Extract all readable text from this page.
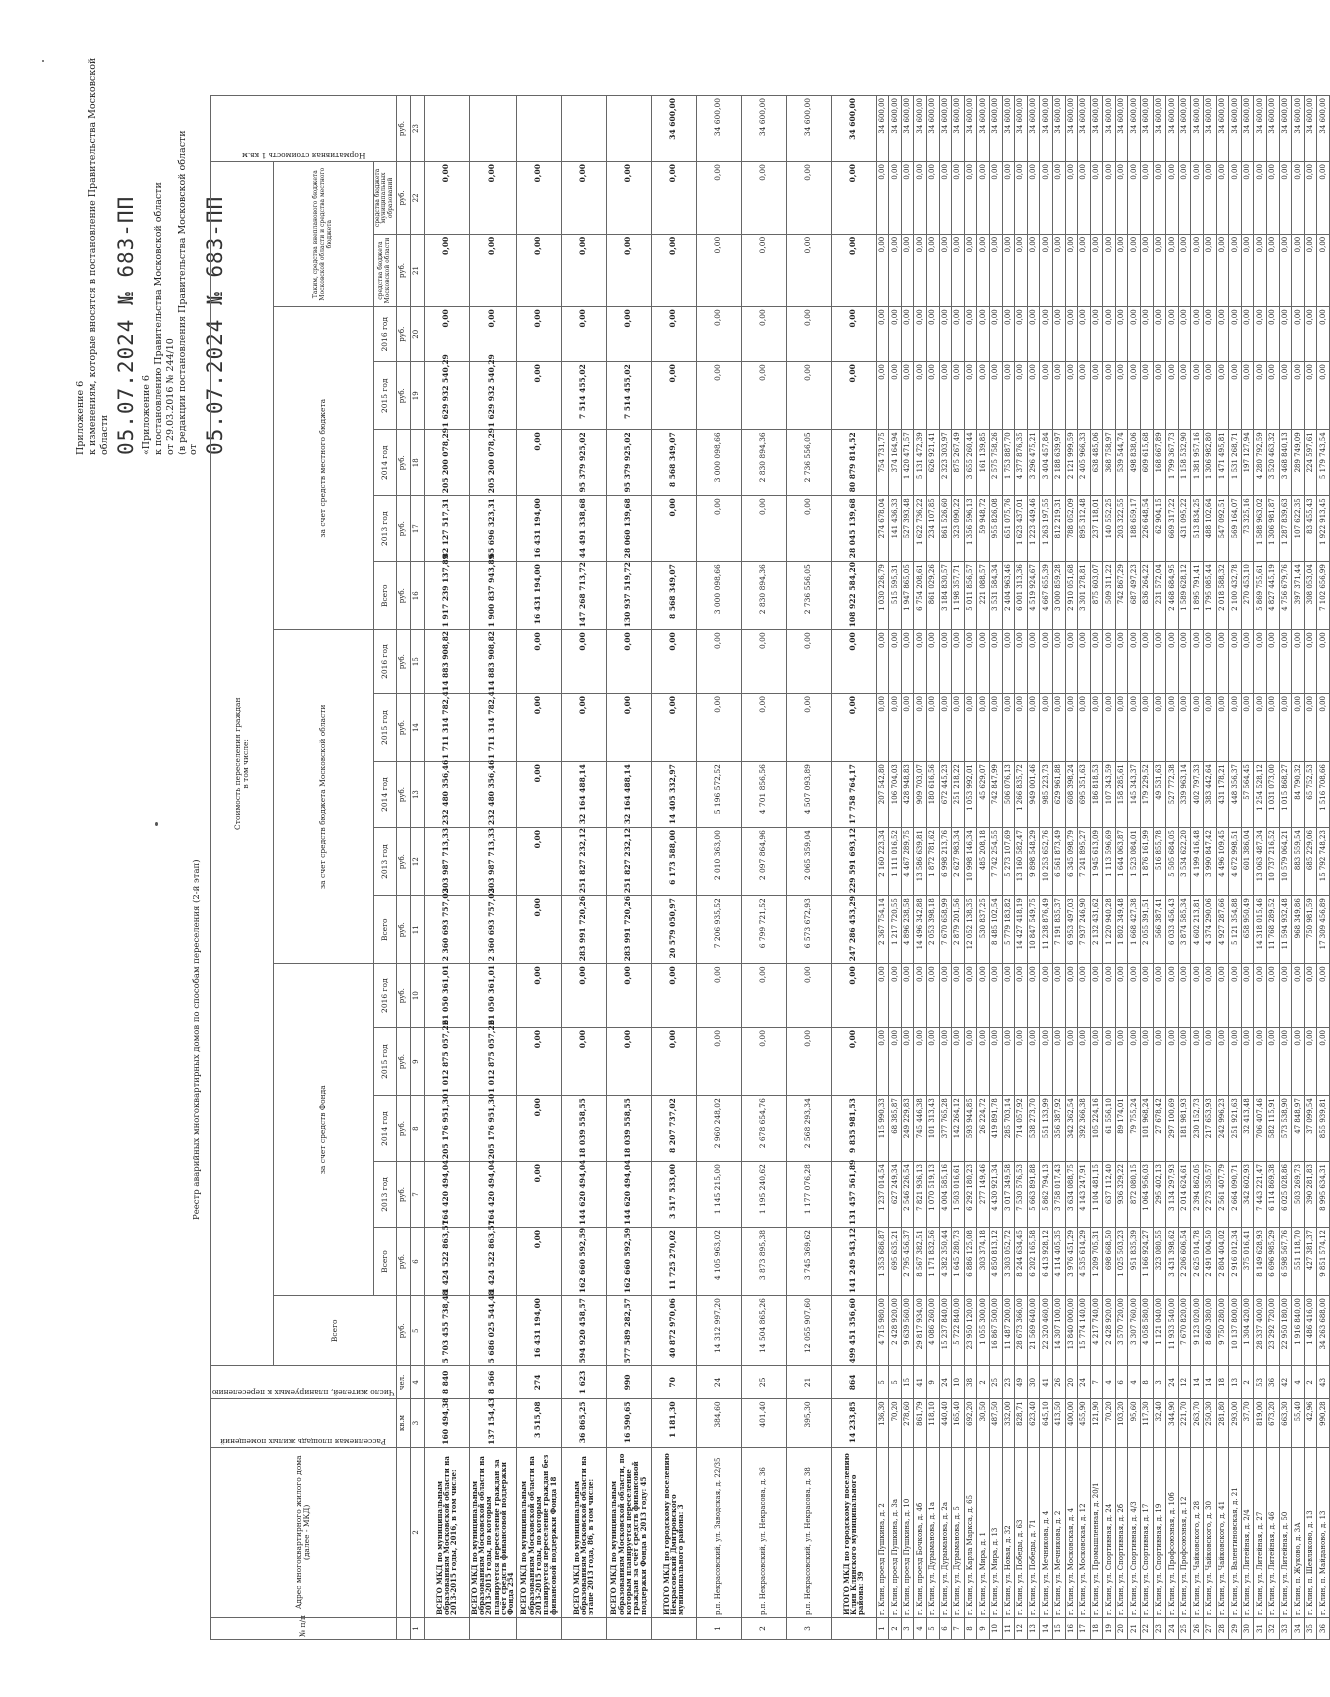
Приложение 6 к изменениям, которые вносятся в постановление Правительства Московской области 05.07.2024 № 683-ПП «Приложение 6 к постановлению Правительства Московской области от 29.03.2016 № 244/10 (в редакции постановления Правительства Московской области от 05.07.2024 № 683-ПП
Реестр аварийных многоквартирных домов по способам переселения (2-й этап)
№ п/п	Адрес многоквартирного жилого дома (далее - МКД)	Расселяемая площадь жилых помещений	Число жителей, планируемых к переселению	Стоимость переселения граждан
в том числе:																		Нормативная стоимость 1 кв.м

				Всего	за счет средств Фонда					за счет средств бюджета Московской области					за счет средств местного бюджета					Таким, средства внепланового бюджета Московской области и средства местного бюджета		
					Всего	2013 год	2014 год	2015 год	2016 год	Всего	2013 год	2014 год	2015 год	2016 год	Всего	2013 год	2014 год	2015 год	2016 год	средства бюджета Московской области	средства бюджета муниципальных образований	
		кв.м	чел.	руб.	руб.	руб.	руб.	руб.	руб.	руб.	руб.	руб.	руб.	руб.	руб.	руб.	руб.	руб.	руб.	руб.	руб.	руб.
1	2	3	4	5	6	7	8	9	10	11	12	13	14	15	16	17	18	19	20	21	22	23
	ВСЕГО МКД по муниципальным образованиям Московской области на 2013-2015 годы, 2016, в том числе:	160 494,38	8 840	5 703 455 738,48	1 424 522 863,57	164 420 494,04	205 176 951,30	1 012 875 057,22	61 050 361,01	2 360 693 757,02	303 987 713,33	232 480 356,46	1 711 314 782,41	14 883 908,82	1 917 239 137,89	82 127 517,31	205 200 078,29	1 629 932 540,29	0,00	0,00	0,00	
	ВСЕГО МКД по муниципальным образованиям Московской области на 2013-2015 годы, по которым планируется переселение граждан за счёт средств финансовой поддержки Фонда 254	137 154,43	8 566	5 686 025 544,48	1 424 522 863,57	164 420 494,04	205 176 951,30	1 012 875 057,22	61 050 361,01	2 360 693 757,02	303 987 713,33	232 480 356,46	1 711 314 782,41	14 883 908,82	1 900 837 943,89	65 696 323,31	205 200 078,29	1 629 932 540,29	0,00	0,00	0,00	
	ВСЕГО МКД по муниципальным образованиям Московской области на 2013-2015 годы, по которым планируется переселение граждан без финансовой поддержки Фонда 18	3 515,08	274	16 431 194,00	0,00	0,00	0,00	0,00	0,00	0,00	0,00	0,00	0,00	0,00	16 431 194,00	16 431 194,00	0,00	0,00	0,00	0,00	0,00	
	ВСЕГО МКД по муниципальным образованиям Московской области на этапе 2013 года, 86, в том числе:	36 865,25	1 623	594 920 458,57	162 660 592,59	144 620 494,04	18 039 558,55	0,00	0,00	283 991 720,26	251 827 232,12	32 164 488,14	0,00	0,00	147 268 713,72	44 491 338,68	95 379 925,02	7 514 455,02	0,00	0,00	0,00	
	ВСЕГО МКД по муниципальным образованиям Московской области, по которым планируется переселение граждан за счёт средств финансовой поддержки Фонда в 2013 году: 45	16 590,65	990	577 589 282,57	162 660 592,59	144 620 494,04	18 039 558,55	0,00	0,00	283 991 720,26	251 827 232,12	32 164 488,14	0,00	0,00	130 937 519,72	28 060 139,68	95 379 925,02	7 514 455,02	0,00	0,00	0,00	
	ИТОГО МКД по городскому поселению Некрасовский Дмитровского муниципального района: 3	1 181,30	70	40 872 970,06	11 725 270,02	3 517 533,00	8 207 737,02	0,00	0,00	20 579 050,97	6 173 588,00	14 405 332,97	0,00	0,00	8 568 349,07	0,00	8 568 349,07	0,00	0,00	0,00	0,00	34 600,00
1	р.п. Некрасовский, ул. Заводская, д. 22/35	384,60	24	14 312 997,20	4 105 963,02	1 145 215,00	2 960 248,02	0,00	0,00	7 206 935,52	2 010 363,00	5 196 572,52	0,00	0,00	3 000 098,66	0,00	3 000 098,66	0,00	0,00	0,00	0,00	34 600,00
2	р.п. Некрасовский, ул. Некрасова, д. 36	401,40	25	14 504 865,26	3 873 895,38	1 195 240,62	2 678 654,76	0,00	0,00	6 799 721,52	2 097 864,96	4 701 856,56	0,00	0,00	2 830 894,36	0,00	2 830 894,36	0,00	0,00	0,00	0,00	34 600,00
3	р.п. Некрасовский, ул. Некрасова, д. 38	395,30	21	12 055 907,60	3 745 369,62	1 177 076,28	2 568 293,34	0,00	0,00	6 573 672,93	2 065 359,04	4 507 093,89	0,00	0,00	2 736 556,05	0,00	2 736 556,05	0,00	0,00	0,00	0,00	34 600,00
	ИТОГО МКД по городскому поселению Клин Клинского муниципального района: 39	14 233,85	864	499 451 356,60	141 249 543,12	131 457 561,89	9 835 981,53	0,00	0,00	247 286 453,29	229 591 693,12	17 758 764,17	0,00	0,00	108 922 584,20	28 045 139,68	80 879 814,52	0,00	0,00	0,00	0,00	34 600,00
1	г. Клин, проезд Пушкина, д. 2	136,30	5	4 715 980,00	1 353 686,87	1 237 014,54	115 990,33	0,00	0,00	2 367 754,14	2 160 223,34	207 542,80	0,00	0,00	1 030 226,79	274 678,04	754 731,75	0,00	0,00	0,00	0,00	34 600,00
2	г. Клин, проезд Пушкина, д. 3а	70,20	5	2 428 920,00	695 635,21	627 249,34	68 385,87	0,00	0,00	1 217 720,55	1 111 016,52	106 704,03	0,00	0,00	515 595,31	141 436,33	374 164,94	0,00	0,00	0,00	0,00	34 600,00
3	г. Клин, проезд Пушкина, д. 10	278,60	15	9 639 560,00	2 795 456,37	2 546 226,54	249 229,83	0,00	0,00	4 896 238,58	4 467 289,75	428 948,83	0,00	0,00	1 947 865,05	527 393,48	1 420 471,57	0,00	0,00	0,00	0,00	34 600,00
4	г. Клин, проезд Бочкова, д. 4б	861,79	41	29 817 934,00	8 567 382,51	7 821 936,13	745 446,38	0,00	0,00	14 496 342,88	13 586 639,81	909 703,07	0,00	0,00	6 754 208,61	1 622 736,22	5 131 472,39	0,00	0,00	0,00	0,00	34 600,00
5	г. Клин, ул. Дурыманова, д. 1а	118,10	9	4 086 260,00	1 171 832,56	1 070 519,13	101 313,43	0,00	0,00	2 053 398,18	1 872 781,62	180 616,56	0,00	0,00	861 029,26	234 107,85	626 921,41	0,00	0,00	0,00	0,00	34 600,00
6	г. Клин, ул. Дурыманова, д. 2а	440,40	24	15 237 840,00	4 382 350,44	4 004 585,16	377 765,28	0,00	0,00	7 670 658,99	6 998 213,76	672 445,23	0,00	0,00	3 184 830,57	861 526,60	2 323 303,97	0,00	0,00	0,00	0,00	34 600,00
7	г. Клин, ул. Дурыманова, д. 5	165,40	10	5 722 840,00	1 645 280,73	1 503 016,61	142 264,12	0,00	0,00	2 879 201,56	2 627 983,34	251 218,22	0,00	0,00	1 198 357,71	323 090,22	875 267,49	0,00	0,00	0,00	0,00	34 600,00
8	г. Клин, ул. Карла Маркса, д. 65	692,20	38	23 950 120,00	6 886 125,08	6 292 180,23	593 944,85	0,00	0,00	12 052 138,35	10 998 146,34	1 053 992,01	0,00	0,00	5 011 856,57	1 356 596,13	3 655 260,44	0,00	0,00	0,00	0,00	34 600,00
9	г. Клин, ул. Мира, д. 1	30,50	2	1 055 300,00	303 374,18	277 149,46	26 224,72	0,00	0,00	530 837,25	485 208,18	45 629,07	0,00	0,00	221 088,57	59 948,72	161 139,85	0,00	0,00	0,00	0,00	34 600,00
10	г. Клин, ул. Мира, д. 13	487,50	25	16 867 500,00	4 850 813,12	4 430 921,34	419 891,78	0,00	0,00	8 485 102,54	7 742 254,55	742 847,99	0,00	0,00	3 531 584,34	955 826,08	2 575 758,26	0,00	0,00	0,00	0,00	34 600,00
11	г. Клин, ул. Новая, д. 32	332,00	23	11 487 200,00	3 303 052,72	3 017 349,58	285 703,14	0,00	0,00	5 779 183,82	5 273 107,69	506 076,13	0,00	0,00	2 404 963,46	651 075,76	1 753 887,70	0,00	0,00	0,00	0,00	34 600,00
12	г. Клин, ул. Победы, д. 63	828,71	49	28 673 366,00	8 244 634,45	7 530 576,53	714 057,92	0,00	0,00	14 427 418,19	13 160 582,47	1 266 835,72	0,00	0,00	6 001 313,36	1 623 437,01	4 377 876,35	0,00	0,00	0,00	0,00	34 600,00
13	г. Клин, ул. Победы, д. 71	623,40	30	21 569 640,00	6 202 165,58	5 663 891,88	538 273,70	0,00	0,00	10 847 549,75	9 898 548,29	949 001,46	0,00	0,00	4 519 924,67	1 223 449,46	3 296 475,21	0,00	0,00	0,00	0,00	34 600,00
14	г. Клин, ул. Мечникова, д. 4	645,10	41	22 320 460,00	6 413 928,12	5 862 794,13	551 133,99	0,00	0,00	11 238 876,49	10 253 652,76	985 223,73	0,00	0,00	4 667 655,39	1 263 197,55	3 404 457,84	0,00	0,00	0,00	0,00	34 600,00
15	г. Клин, ул. Мечникова, д. 2	413,50	26	14 307 100,00	4 114 405,35	3 758 017,43	356 387,92	0,00	0,00	7 191 835,37	6 561 873,49	629 961,88	0,00	0,00	3 000 859,28	812 219,31	2 188 639,97	0,00	0,00	0,00	0,00	34 600,00
16	г. Клин, ул. Московская, д. 4	400,00	20	13 840 000,00	3 976 451,29	3 634 088,75	342 362,54	0,00	0,00	6 953 497,03	6 345 098,79	608 398,24	0,00	0,00	2 910 051,68	788 052,09	2 121 999,59	0,00	0,00	0,00	0,00	34 600,00
17	г. Клин, ул. Московская, д. 12	455,90	24	15 774 140,00	4 535 614,29	4 143 247,91	392 366,38	0,00	0,00	7 937 246,90	7 241 895,27	695 351,63	0,00	0,00	3 301 278,81	895 312,48	2 405 966,33	0,00	0,00	0,00	0,00	34 600,00
18	г. Клин, ул. Промышленная, д. 20/1	121,90	7	4 217 740,00	1 209 705,31	1 104 481,15	105 224,16	0,00	0,00	2 132 431,62	1 945 613,09	186 818,53	0,00	0,00	875 603,07	237 118,01	638 485,06	0,00	0,00	0,00	0,00	34 600,00
19	г. Клин, ул. Спортивная, д. 24	70,20	4	2 428 920,00	698 668,50	637 112,40	61 556,10	0,00	0,00	1 220 940,28	1 113 596,69	107 343,59	0,00	0,00	509 311,22	140 552,25	368 758,97	0,00	0,00	0,00	0,00	34 600,00
20	г. Клин, ул. Спортивная, д. 2б	103,20	6	3 570 720,00	1 025 503,23	936 329,22	89 174,01	0,00	0,00	1 802 349,48	1 644 063,87	158 285,61	0,00	0,00	742 867,29	203 322,55	539 544,74	0,00	0,00	0,00	0,00	34 600,00
21	г. Клин, ул. Спортивная, д. 4/3	95,60	4	3 307 760,00	951 835,39	872 080,15	79 755,24	0,00	0,00	1 668 427,38	1 523 084,01	145 343,37	0,00	0,00	687 497,23	188 659,17	498 838,06	0,00	0,00	0,00	0,00	34 600,00
22	г. Клин, ул. Спортивная, д. 17	117,30	8	4 058 580,00	1 166 924,27	1 064 956,03	101 968,24	0,00	0,00	2 055 391,51	1 876 161,99	179 229,52	0,00	0,00	836 264,22	226 648,54	609 615,68	0,00	0,00	0,00	0,00	34 600,00
23	г. Клин, ул. Спортивная, д. 19	32,40	3	1 121 040,00	323 080,55	295 402,13	27 678,42	0,00	0,00	566 387,41	516 855,78	49 531,63	0,00	0,00	231 572,04	62 904,15	168 667,89	0,00	0,00	0,00	0,00	34 600,00
24	г. Клин, ул. Профсоюзная, д. 10б	344,90	24	11 933 540,00	3 431 398,62	3 134 297,93	297 100,69	0,00	0,00	6 033 456,43	5 505 684,05	527 772,38	0,00	0,00	2 468 684,95	669 317,22	1 799 367,73	0,00	0,00	0,00	0,00	34 600,00
25	г. Клин, ул. Профсоюзная, д. 12	221,70	12	7 670 820,00	2 206 606,54	2 014 624,61	181 981,93	0,00	0,00	3 874 585,34	3 534 622,20	339 963,14	0,00	0,00	1 589 628,12	431 095,22	1 158 532,90	0,00	0,00	0,00	0,00	34 600,00
26	г. Клин, ул. Чайковского, д. 28	263,70	14	9 123 020,00	2 625 014,78	2 394 862,05	230 152,73	0,00	0,00	4 602 213,81	4 199 416,48	402 797,33	0,00	0,00	1 895 791,41	513 834,25	1 381 957,16	0,00	0,00	0,00	0,00	34 600,00
27	г. Клин, ул. Чайковского, д. 30	250,30	14	8 660 380,00	2 491 004,50	2 273 350,57	217 653,93	0,00	0,00	4 374 290,06	3 990 847,42	383 442,64	0,00	0,00	1 795 085,44	488 102,64	1 306 982,80	0,00	0,00	0,00	0,00	34 600,00
28	г. Клин, ул. Чайковского, д. 41	281,80	18	9 750 280,00	2 804 404,02	2 561 407,79	242 996,23	0,00	0,00	4 927 287,66	4 496 109,45	431 178,21	0,00	0,00	2 018 588,32	547 092,51	1 471 495,81	0,00	0,00	0,00	0,00	34 600,00
29	г. Клин, ул. Валентиновская, д. 21	293,00	13	10 137 800,00	2 916 012,34	2 664 090,71	251 921,63	0,00	0,00	5 121 354,88	4 672 998,51	448 356,37	0,00	0,00	2 100 432,78	569 164,07	1 531 268,71	0,00	0,00	0,00	0,00	34 600,00
30	г. Клин, ул. Литейная, д. 2/4	37,70	2	1 304 420,00	375 016,41	342 602,93	32 413,48	0,00	0,00	658 950,49	601 386,04	57 564,45	0,00	0,00	270 453,10	73 325,16	197 127,94	0,00	0,00	0,00	0,00	34 600,00
31	г. Клин, ул. Литейная, д. 27	819,00	53	28 337 400,00	8 149 628,93	7 443 221,47	706 407,46	0,00	0,00	14 318 015,46	13 063 487,34	1 254 528,12	0,00	0,00	5 869 755,61	1 588 963,02	4 280 792,59	0,00	0,00	0,00	0,00	34 600,00
32	г. Клин, ул. Литейная, д. 46	673,20	36	23 292 720,00	6 696 985,29	6 114 869,38	582 115,91	0,00	0,00	11 768 289,52	10 737 216,52	1 031 073,00	0,00	0,00	4 827 445,19	1 306 981,87	3 520 463,32	0,00	0,00	0,00	0,00	34 600,00
33	г. Клин, ул. Литейная, д. 50	663,30	42	22 950 180,00	6 598 567,76	6 025 028,86	573 538,90	0,00	0,00	11 594 932,48	10 579 064,21	1 015 868,27	0,00	0,00	4 756 679,76	1 287 839,63	3 468 840,13	0,00	0,00	0,00	0,00	34 600,00
34	г. Клин, п. Жуково, д. 3А	55,40	4	1 916 840,00	551 118,70	503 269,73	47 848,97	0,00	0,00	968 349,86	883 559,54	84 790,32	0,00	0,00	397 371,44	107 622,35	289 749,09	0,00	0,00	0,00	0,00	34 600,00
35	г. Клин, п. Шевляково, д. 13	42,96	2	1 486 416,00	427 381,37	390 281,83	37 099,54	0,00	0,00	750 981,59	685 229,06	65 752,53	0,00	0,00	308 053,04	83 455,43	224 597,61	0,00	0,00	0,00	0,00	34 600,00
36	г. Клин, п. Майданово, д. 13	990,28	43	34 263 688,00	9 851 574,12	8 995 634,31	855 939,81	0,00	0,00	17 309 456,89	15 792 748,23	1 516 708,66	0,00	0,00	7 102 656,99	1 922 913,45	5 179 743,54	0,00	0,00	0,00	0,00	34 600,00
